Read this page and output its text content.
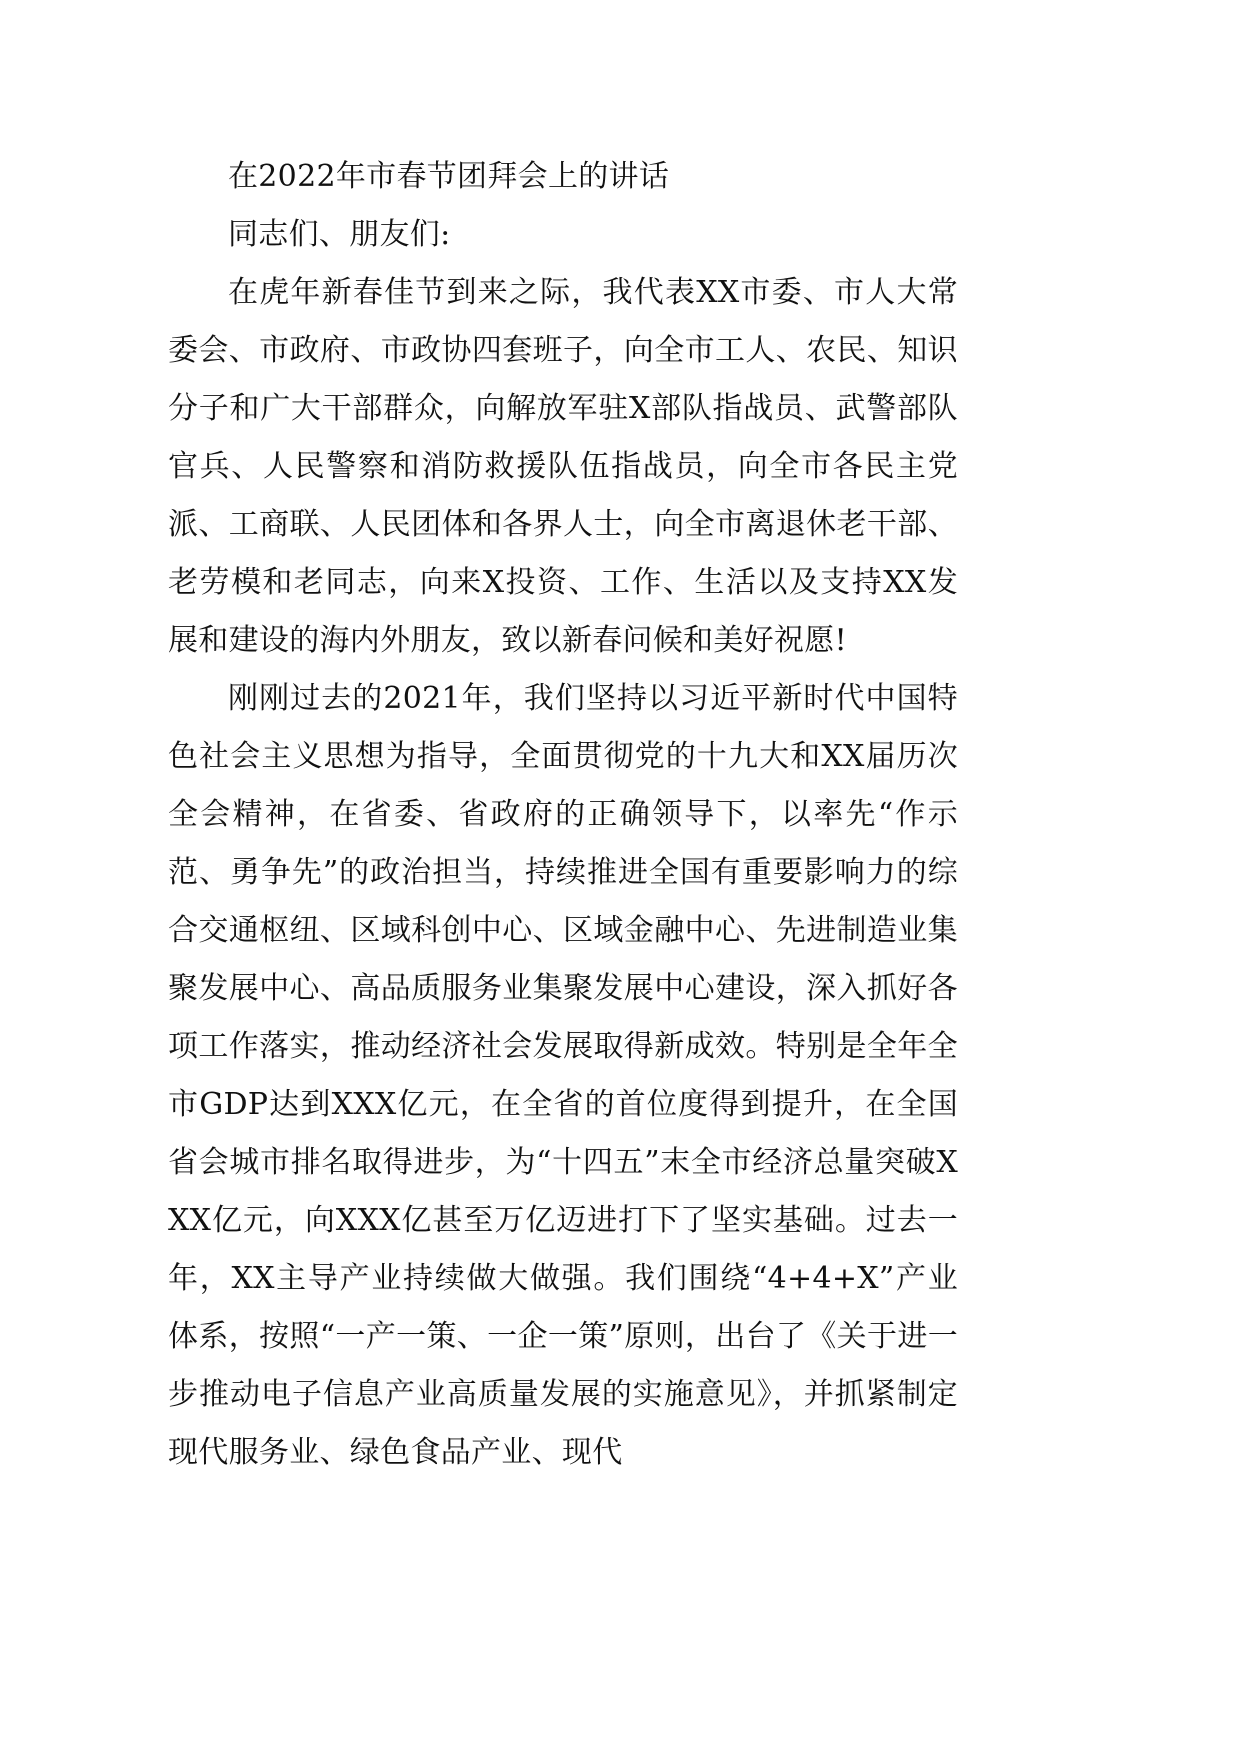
在2022年市春节团拜会上的讲话

同志们、朋友们:

在虎年新春佳节到来之际，我代表XX市委、市人大常委会、市政府、市政协四套班子，向全市工人、农民、知识分子和广大干部群众，向解放军驻X部队指战员、武警部队官兵、人民警察和消防救援队伍指战员，向全市各民主党派、工商联、人民团体和各界人士，向全市离退休老干部、老劳模和老同志，向来X投资、工作、生活以及支持XX发展和建设的海内外朋友，致以新春问候和美好祝愿!

刚刚过去的2021年，我们坚持以习近平新时代中国特色社会主义思想为指导，全面贯彻党的十九大和XX届历次全会精神，在省委、省政府的正确领导下，以率先“作示范、勇争先”的政治担当，持续推进全国有重要影响力的综合交通枢纽、区域科创中心、区域金融中心、先进制造业集聚发展中心、高品质服务业集聚发展中心建设，深入抓好各项工作落实，推动经济社会发展取得新成效。特别是全年全市GDP达到XXX亿元，在全省的首位度得到提升，在全国省会城市排名取得进步，为“十四五”末全市经济总量突破XXX亿元，向XXX亿甚至万亿迈进打下了坚实基础。过去一年，XX主导产业持续做大做强。我们围绕“4+4+X”产业体系，按照“一产一策、一企一策”原则，出台了《关于进一步推动电子信息产业高质量发展的实施意见》，并抓紧制定现代服务业、绿色食品产业、现代
